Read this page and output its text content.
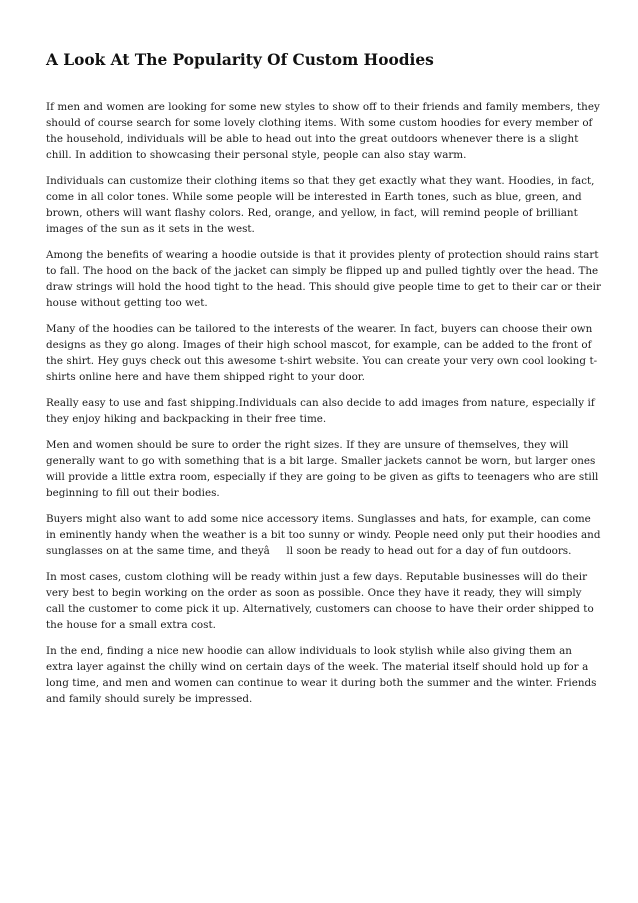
A Look At The Popularity Of Custom Hoodies

If men and women are looking for some new styles to show off to their friends and family members, they should of course search for some lovely clothing items. With some custom hoodies for every member of the household, individuals will be able to head out into the great outdoors whenever there is a slight chill. In addition to showcasing their personal style, people can also stay warm.

Individuals can customize their clothing items so that they get exactly what they want. Hoodies, in fact, come in all color tones. While some people will be interested in Earth tones, such as blue, green, and brown, others will want flashy colors. Red, orange, and yellow, in fact, will remind people of brilliant images of the sun as it sets in the west.

Among the benefits of wearing a hoodie outside is that it provides plenty of protection should rains start to fall. The hood on the back of the jacket can simply be flipped up and pulled tightly over the head. The draw strings will hold the hood tight to the head. This should give people time to get to their car or their house without getting too wet.

Many of the hoodies can be tailored to the interests of the wearer. In fact, buyers can choose their own designs as they go along. Images of their high school mascot, for example, can be added to the front of the shirt. Hey guys check out this awesome t-shirt website. You can create your very own cool looking t-shirts online here and have them shipped right to your door.

Really easy to use and fast shipping.Individuals can also decide to add images from nature, especially if they enjoy hiking and backpacking in their free time.

Men and women should be sure to order the right sizes. If they are unsure of themselves, they will generally want to go with something that is a bit large. Smaller jackets cannot be worn, but larger ones will provide a little extra room, especially if they are going to be given as gifts to teenagers who are still beginning to fill out their bodies.

Buyers might also want to add some nice accessory items. Sunglasses and hats, for example, can come in eminently handy when the weather is a bit too sunny or windy. People need only put their hoodies and sunglasses on at the same time, and theyâll soon be ready to head out for a day of fun outdoors.

In most cases, custom clothing will be ready within just a few days. Reputable businesses will do their very best to begin working on the order as soon as possible. Once they have it ready, they will simply call the customer to come pick it up. Alternatively, customers can choose to have their order shipped to the house for a small extra cost.

In the end, finding a nice new hoodie can allow individuals to look stylish while also giving them an extra layer against the chilly wind on certain days of the week. The material itself should hold up for a long time, and men and women can continue to wear it during both the summer and the winter. Friends and family should surely be impressed.
